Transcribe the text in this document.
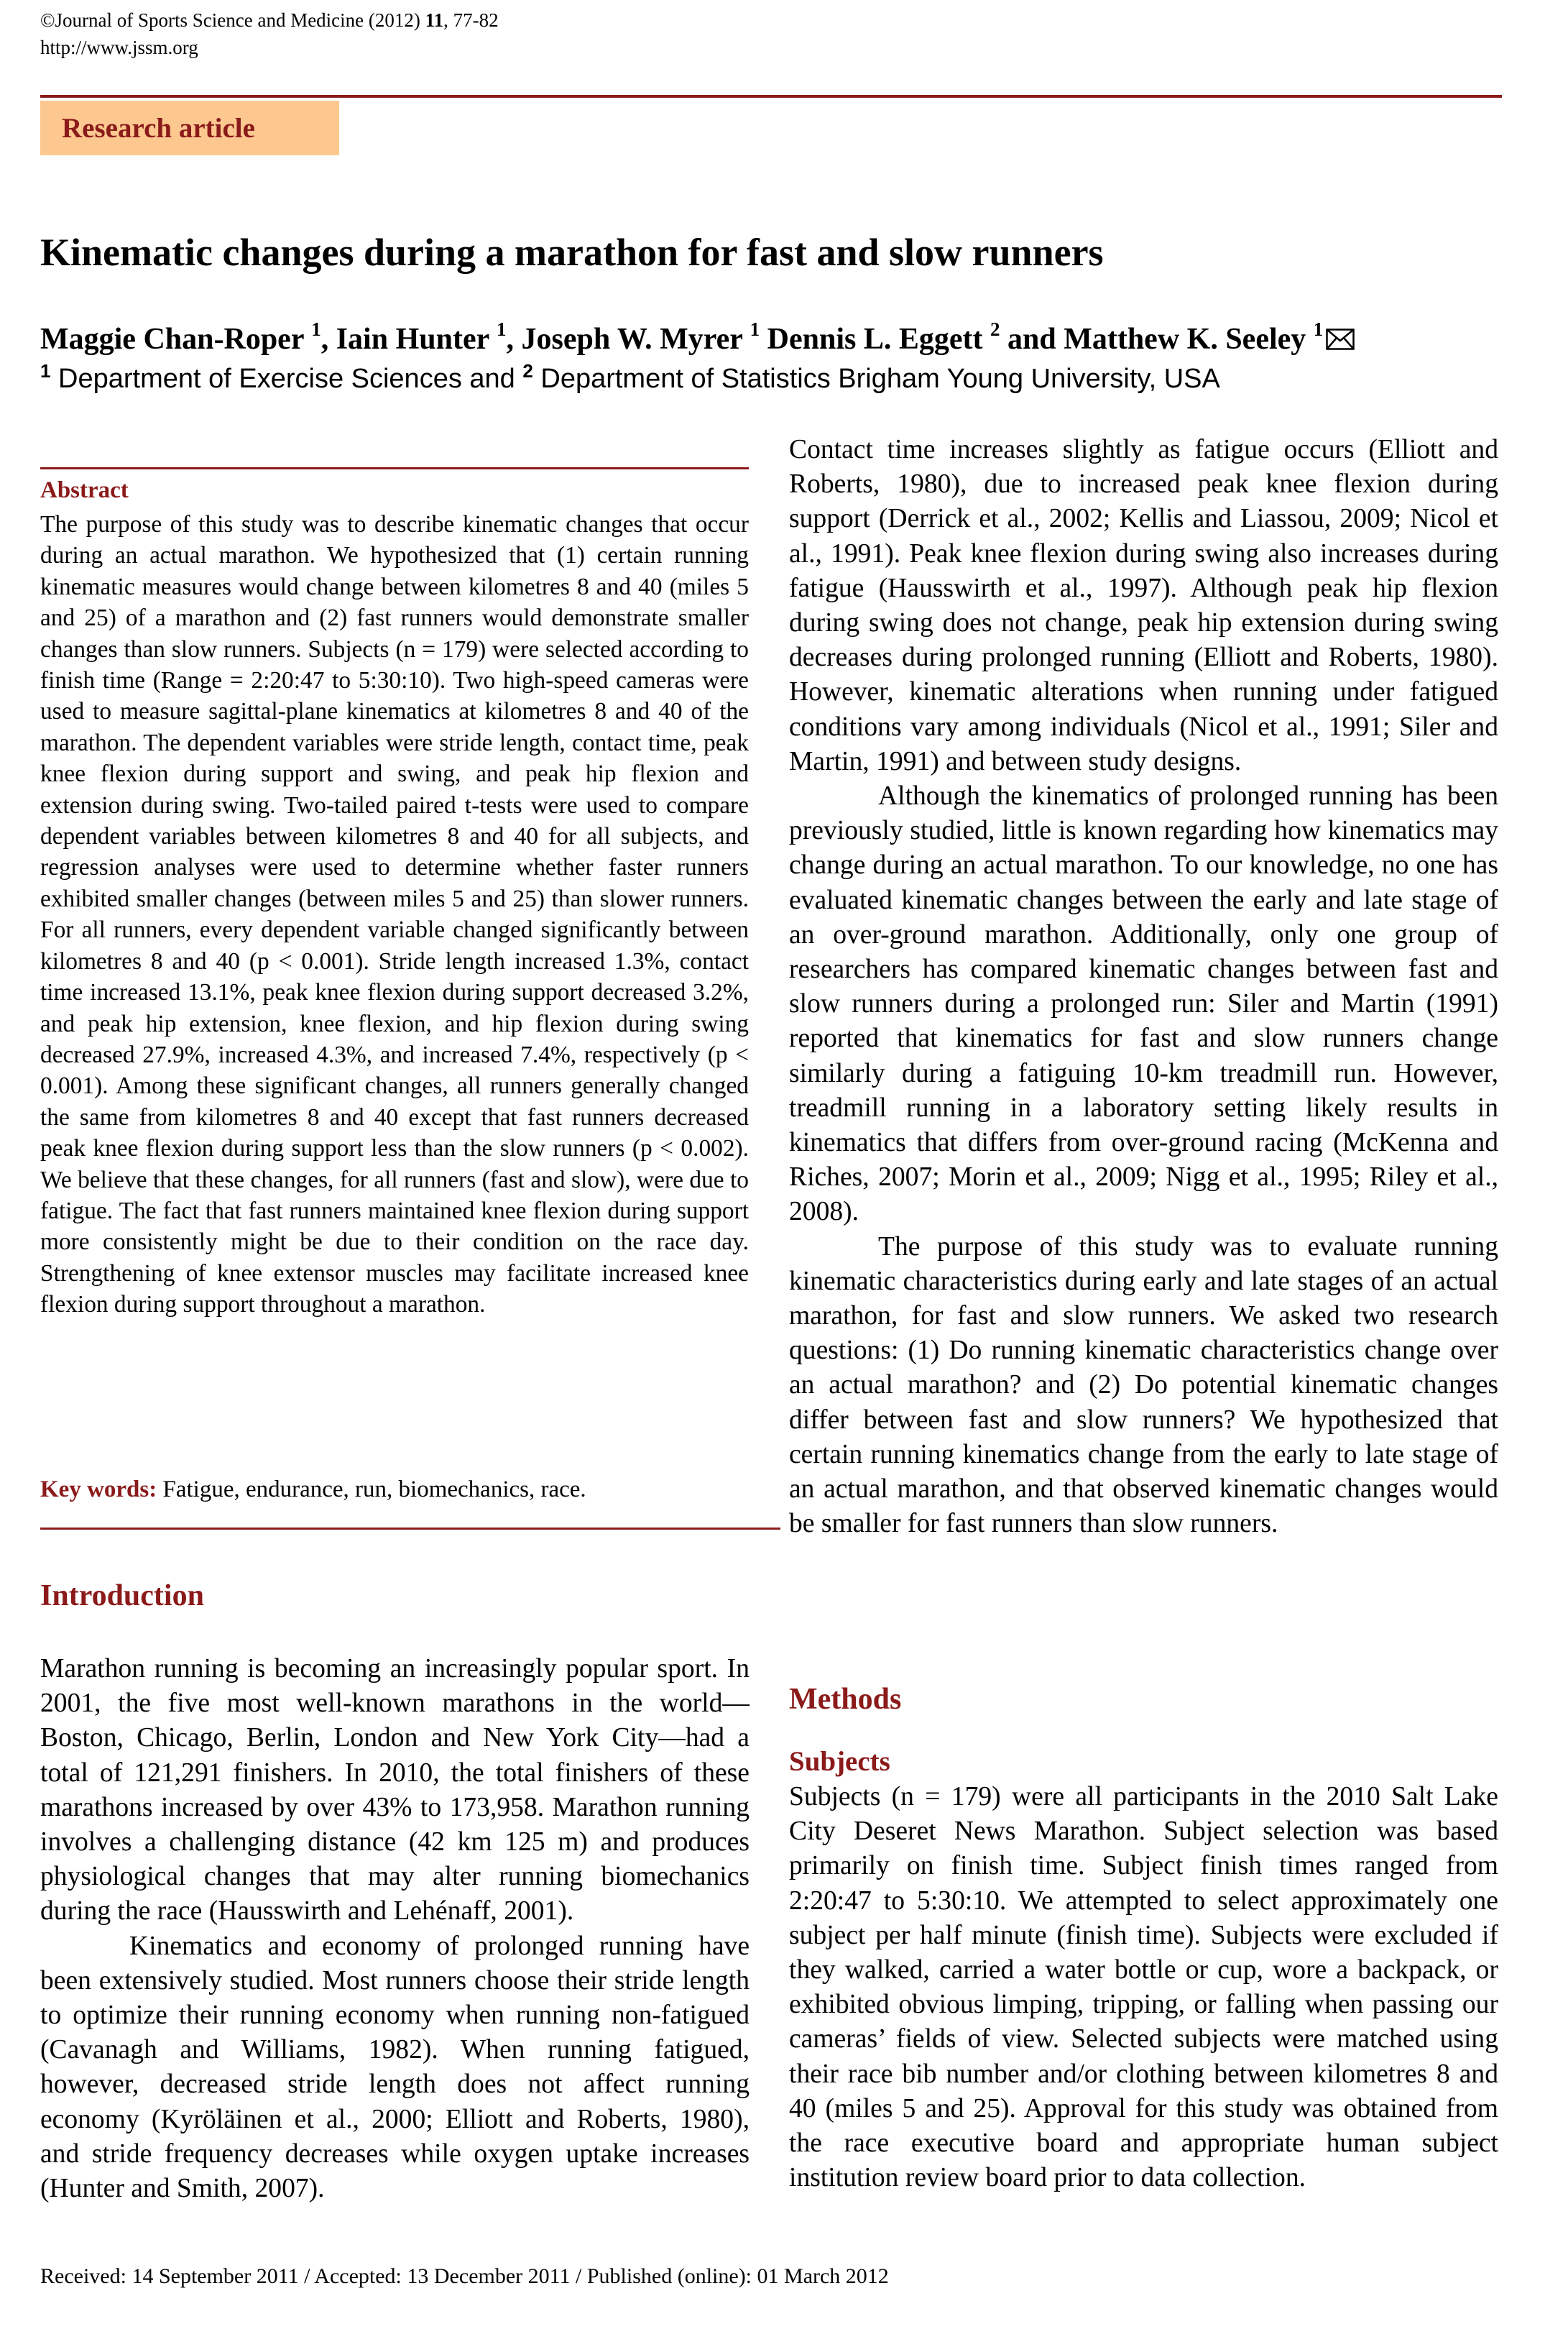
©Journal of Sports Science and Medicine (2012) 11, 77-82
http://www.jssm.org
Research article
Kinematic changes during a marathon for fast and slow runners
Maggie Chan-Roper $^1$, Iain Hunter $^1$, Joseph W. Myrer $^1$ Dennis L. Eggett $^2$ and Matthew K. Seeley $^1$
$^1$ Department of Exercise Sciences and $^2$ Department of Statistics Brigham Young University, USA
Abstract

The purpose of this study was to describe kinematic changes that occur during an actual marathon. We hypothesized that (1) certain running kinematic measures would change between kilometres 8 and 40 (miles 5 and 25) of a marathon and (2) fast runners would demonstrate smaller changes than slow runners. Subjects (n = 179) were selected according to finish time (Range = 2:20:47 to 5:30:10). Two high-speed cameras were used to measure sagittal-plane kinematics at kilometres 8 and 40 of the marathon. The dependent variables were stride length, contact time, peak knee flexion during support and swing, and peak hip flexion and extension during swing. Two-tailed paired t-tests were used to compare dependent variables between kilometres 8 and 40 for all subjects, and regression analyses were used to determine whether faster runners exhibited smaller changes (between miles 5 and 25) than slower runners. For all runners, every dependent variable changed significantly between kilometres 8 and 40 (p < 0.001). Stride length increased 1.3%, contact time increased 13.1%, peak knee flexion during support decreased 3.2%, and peak hip extension, knee flexion, and hip flexion during swing decreased 27.9%, increased 4.3%, and increased 7.4%, respectively (p < 0.001). Among these significant changes, all runners generally changed the same from kilometres 8 and 40 except that fast runners decreased peak knee flexion during support less than the slow runners (p < 0.002). We believe that these changes, for all runners (fast and slow), were due to fatigue. The fact that fast runners maintained knee flexion during support more consistently might be due to their condition on the race day. Strengthening of knee extensor muscles may facilitate increased knee flexion during support throughout a marathon.

Key words: Fatigue, endurance, run, biomechanics, race.
Introduction

Marathon running is becoming an increasingly popular sport. In 2001, the five most well-known marathons in the world—Boston, Chicago, Berlin, London and New York City—had a total of 121,291 finishers. In 2010, the total finishers of these marathons increased by over 43% to 173,958. Marathon running involves a challenging distance (42 km 125 m) and produces physiological changes that may alter running biomechanics during the race (Hausswirth and Lehénaff, 2001).

Kinematics and economy of prolonged running have been extensively studied. Most runners choose their stride length to optimize their running economy when running non-fatigued (Cavanagh and Williams, 1982). When running fatigued, however, decreased stride length does not affect running economy (Kyröläinen et al., 2000; Elliott and Roberts, 1980), and stride frequency decreases while oxygen uptake increases (Hunter and Smith, 2007).

Contact time increases slightly as fatigue occurs (Elliott and Roberts, 1980), due to increased peak knee flexion during support (Derrick et al., 2002; Kellis and Liassou, 2009; Nicol et al., 1991). Peak knee flexion during swing also increases during fatigue (Hausswirth et al., 1997). Although peak hip flexion during swing does not change, peak hip extension during swing decreases during prolonged running (Elliott and Roberts, 1980). However, kinematic alterations when running under fatigued conditions vary among individuals (Nicol et al., 1991; Siler and Martin, 1991) and between study designs.

Although the kinematics of prolonged running has been previously studied, little is known regarding how kinematics may change during an actual marathon. To our knowledge, no one has evaluated kinematic changes between the early and late stage of an over-ground marathon. Additionally, only one group of researchers has compared kinematic changes between fast and slow runners during a prolonged run: Siler and Martin (1991) reported that kinematics for fast and slow runners change similarly during a fatiguing 10-km treadmill run. However, treadmill running in a laboratory setting likely results in kinematics that differs from over-ground racing (McKenna and Riches, 2007; Morin et al., 2009; Nigg et al., 1995; Riley et al., 2008).

The purpose of this study was to evaluate running kinematic characteristics during early and late stages of an actual marathon, for fast and slow runners. We asked two research questions: (1) Do running kinematic characteristics change over an actual marathon? and (2) Do potential kinematic changes differ between fast and slow runners? We hypothesized that certain running kinematics change from the early to late stage of an actual marathon, and that observed kinematic changes would be smaller for fast runners than slow runners.

Methods
Subjects

Subjects (n = 179) were all participants in the 2010 Salt Lake City Deseret News Marathon. Subject selection was based primarily on finish time. Subject finish times ranged from 2:20:47 to 5:30:10. We attempted to select approximately one subject per half minute (finish time). Subjects were excluded if they walked, carried a water bottle or cup, wore a backpack, or exhibited obvious limping, tripping, or falling when passing our cameras’ fields of view. Selected subjects were matched using their race bib number and/or clothing between kilometres 8 and 40 (miles 5 and 25). Approval for this study was obtained from the race executive board and appropriate human subject institution review board prior to data collection.

Received: 14 September 2011 / Accepted: 13 December 2011 / Published (online): 01 March 2012
